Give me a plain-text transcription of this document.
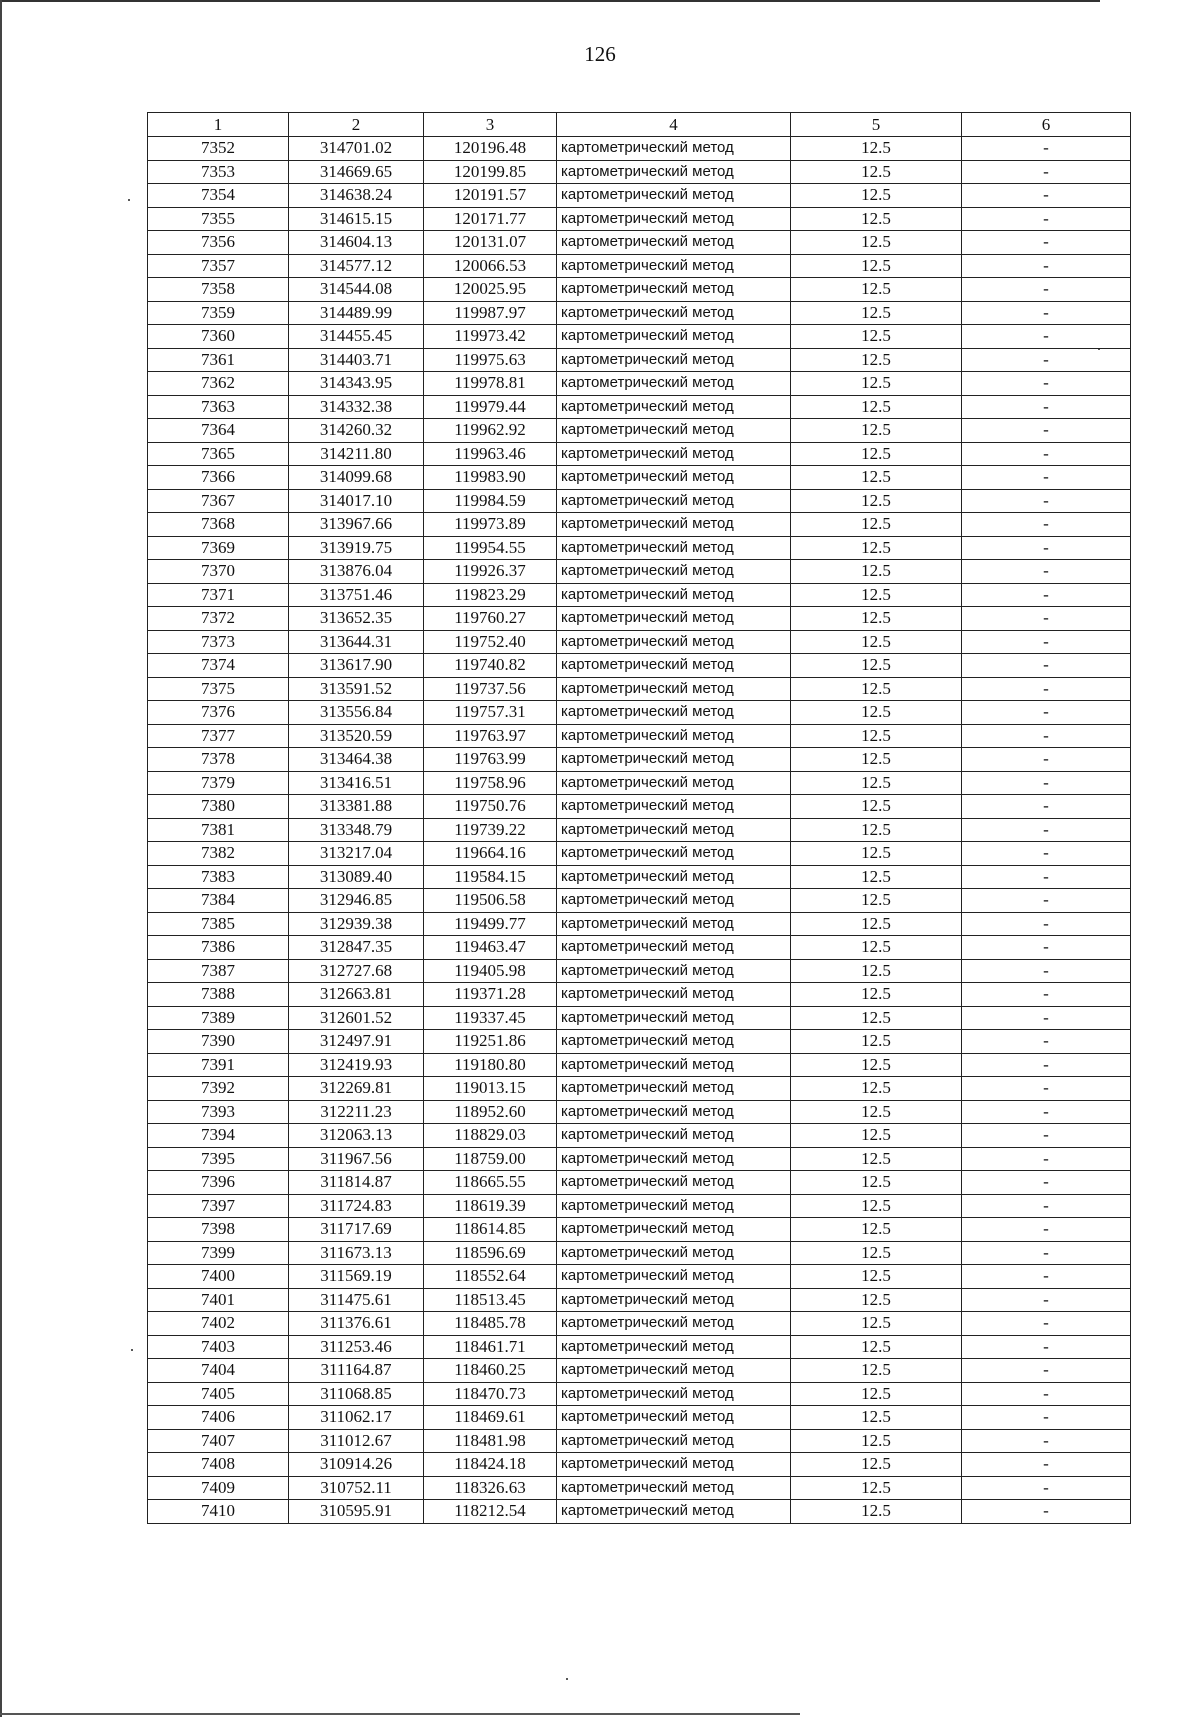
126
1	2	3	4	5	6
7352	314701.02	120196.48	картометрический метод	12.5	-
7353	314669.65	120199.85	картометрический метод	12.5	-
7354	314638.24	120191.57	картометрический метод	12.5	-
7355	314615.15	120171.77	картометрический метод	12.5	-
7356	314604.13	120131.07	картометрический метод	12.5	-
7357	314577.12	120066.53	картометрический метод	12.5	-
7358	314544.08	120025.95	картометрический метод	12.5	-
7359	314489.99	119987.97	картометрический метод	12.5	-
7360	314455.45	119973.42	картометрический метод	12.5	-
7361	314403.71	119975.63	картометрический метод	12.5	-
7362	314343.95	119978.81	картометрический метод	12.5	-
7363	314332.38	119979.44	картометрический метод	12.5	-
7364	314260.32	119962.92	картометрический метод	12.5	-
7365	314211.80	119963.46	картометрический метод	12.5	-
7366	314099.68	119983.90	картометрический метод	12.5	-
7367	314017.10	119984.59	картометрический метод	12.5	-
7368	313967.66	119973.89	картометрический метод	12.5	-
7369	313919.75	119954.55	картометрический метод	12.5	-
7370	313876.04	119926.37	картометрический метод	12.5	-
7371	313751.46	119823.29	картометрический метод	12.5	-
7372	313652.35	119760.27	картометрический метод	12.5	-
7373	313644.31	119752.40	картометрический метод	12.5	-
7374	313617.90	119740.82	картометрический метод	12.5	-
7375	313591.52	119737.56	картометрический метод	12.5	-
7376	313556.84	119757.31	картометрический метод	12.5	-
7377	313520.59	119763.97	картометрический метод	12.5	-
7378	313464.38	119763.99	картометрический метод	12.5	-
7379	313416.51	119758.96	картометрический метод	12.5	-
7380	313381.88	119750.76	картометрический метод	12.5	-
7381	313348.79	119739.22	картометрический метод	12.5	-
7382	313217.04	119664.16	картометрический метод	12.5	-
7383	313089.40	119584.15	картометрический метод	12.5	-
7384	312946.85	119506.58	картометрический метод	12.5	-
7385	312939.38	119499.77	картометрический метод	12.5	-
7386	312847.35	119463.47	картометрический метод	12.5	-
7387	312727.68	119405.98	картометрический метод	12.5	-
7388	312663.81	119371.28	картометрический метод	12.5	-
7389	312601.52	119337.45	картометрический метод	12.5	-
7390	312497.91	119251.86	картометрический метод	12.5	-
7391	312419.93	119180.80	картометрический метод	12.5	-
7392	312269.81	119013.15	картометрический метод	12.5	-
7393	312211.23	118952.60	картометрический метод	12.5	-
7394	312063.13	118829.03	картометрический метод	12.5	-
7395	311967.56	118759.00	картометрический метод	12.5	-
7396	311814.87	118665.55	картометрический метод	12.5	-
7397	311724.83	118619.39	картометрический метод	12.5	-
7398	311717.69	118614.85	картометрический метод	12.5	-
7399	311673.13	118596.69	картометрический метод	12.5	-
7400	311569.19	118552.64	картометрический метод	12.5	-
7401	311475.61	118513.45	картометрический метод	12.5	-
7402	311376.61	118485.78	картометрический метод	12.5	-
7403	311253.46	118461.71	картометрический метод	12.5	-
7404	311164.87	118460.25	картометрический метод	12.5	-
7405	311068.85	118470.73	картометрический метод	12.5	-
7406	311062.17	118469.61	картометрический метод	12.5	-
7407	311012.67	118481.98	картометрический метод	12.5	-
7408	310914.26	118424.18	картометрический метод	12.5	-
7409	310752.11	118326.63	картометрический метод	12.5	-
7410	310595.91	118212.54	картометрический метод	12.5	-
